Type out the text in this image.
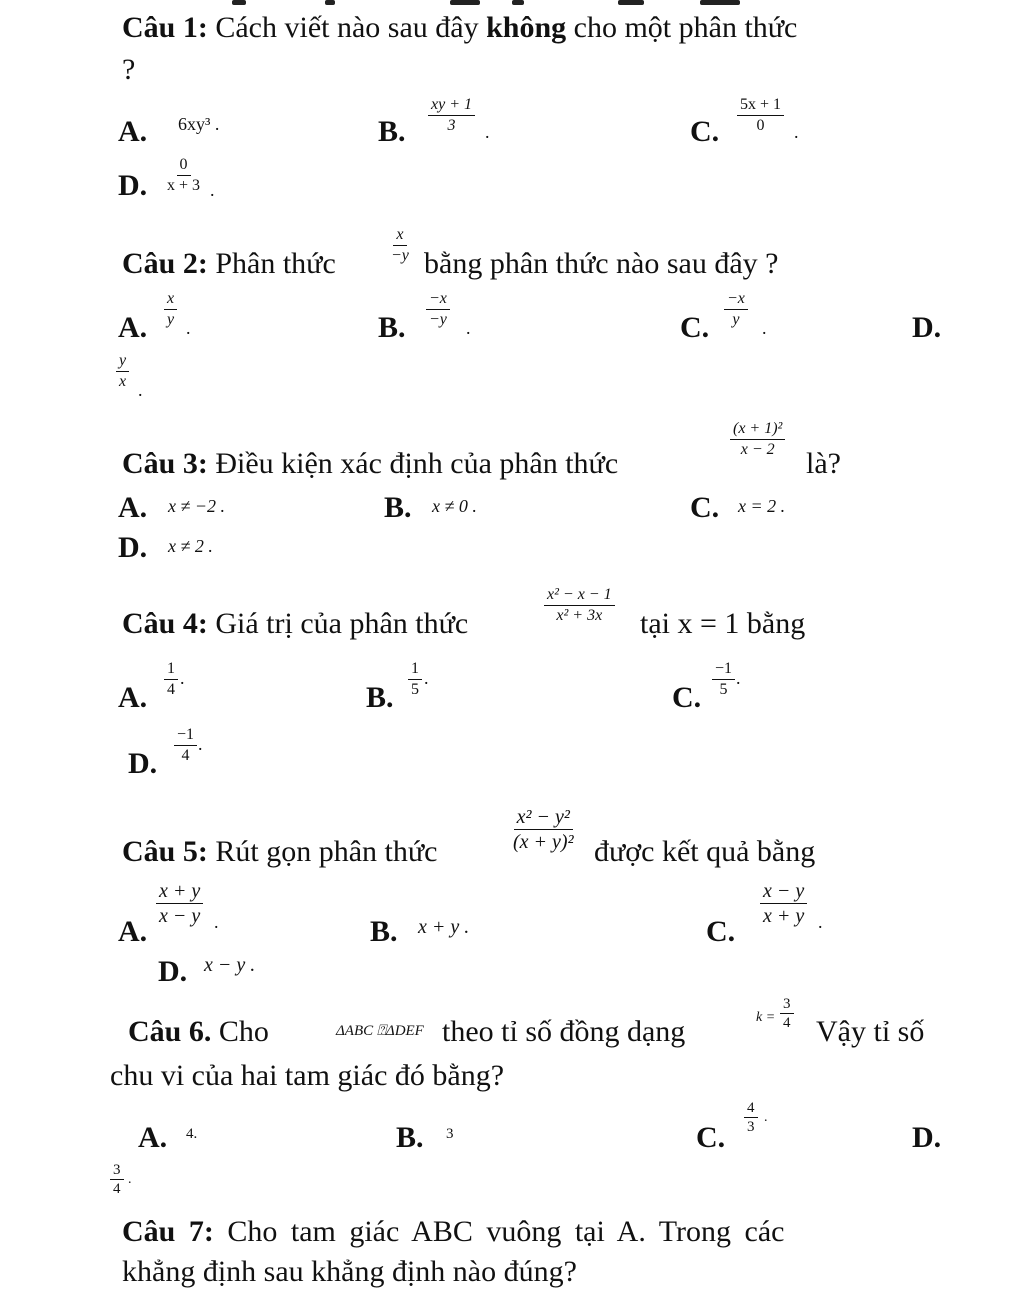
Câu 1: Cách viết nào sau đây không cho một phân thức
?
A. 6xy³ .	B. $\frac{xy + 1}{3}$ .	C. $\frac{5x + 1}{0}$ .
D. $\frac{0}{x + 3}$ .
Câu 2: Phân thức	$\frac{x}{-y}$ bằng phân thức nào sau đây ?
A. $\frac{x}{y}$ .	B. $\frac{-x}{-y}$ .	C. $\frac{-x}{y}$ .	D.
$\frac{y}{x}$ .
Câu 3: Điều kiện xác định của phân thức
$\frac{\text{(x + 1)²}}{x - 2}$
là?
A. x ≠ −2 .	B. x ≠ 0 .	C. x = 2 .
D. x ≠ 2 .
Câu 4: Giá trị của phân thức	$\frac{\text{x² − x − 1}}{\text{x² + 3x}}$ tại x = 1 bằng
A. $\frac{1}{4}$ .
B. $\frac{1}{5}$ .
C. $\frac{-1}{5}$ .
D. $\frac{-1}{4}$ .
Câu 5: Rút gọn phân thức	$\frac{\text{x² − y²}}{\text{(x + y)²}}$ được kết quả bằng
A.
$\frac{x + y}{x - y}$ .	B. x + y .	C.
$\frac{x - y}{x + y}$ .
D. x − y .
Câu 6. Cho	ΔABC ⍰ΔDEF theo tỉ số đồng dạng	$k = \frac{3}{4}$
Vậy tỉ số
chu vi của hai tam giác đó bằng?
A. 4.	B. 3	C.
$\frac{4}{3}$ .
D.
$\frac{3}{4}$ .
Câu 7: Cho tam giác ABC vuông tại A. Trong các
khẳng định sau khẳng định nào đúng?
